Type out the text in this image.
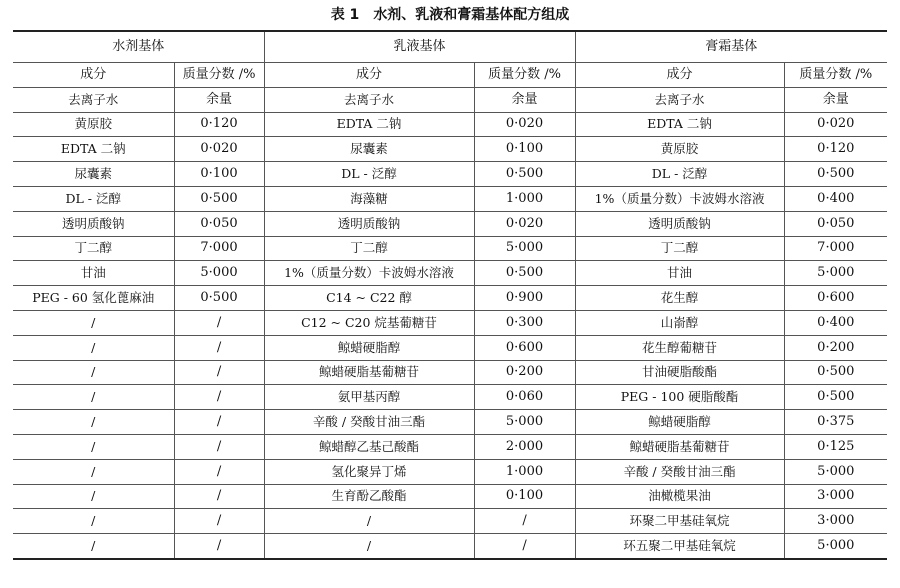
表 1 水剂、乳液和膏霜基体配方组成
水剂基体		乳液基体		膏霜基体	
成分	质量分数 /%	成分	质量分数 /%	成分	质量分数 /%
去离子水	余量	去离子水	余量	去离子水	余量
黄原胶	0·120	EDTA 二钠	0·020	EDTA 二钠	0·020
EDTA 二钠	0·020	尿囊素	0·100	黄原胶	0·120
尿囊素	0·100	DL - 泛醇	0·500	DL - 泛醇	0·500
DL - 泛醇	0·500	海藻糖	1·000	1%（质量分数）卡波姆水溶液	0·400
透明质酸钠	0·050	透明质酸钠	0·020	透明质酸钠	0·050
丁二醇	7·000	丁二醇	5·000	丁二醇	7·000
甘油	5·000	1%（质量分数）卡波姆水溶液	0·500	甘油	5·000
PEG - 60 氢化蓖麻油	0·500	C14 ~ C22 醇	0·900	花生醇	0·600
/	/	C12 ~ C20 烷基葡糖苷	0·300	山嵛醇	0·400
/	/	鲸蜡硬脂醇	0·600	花生醇葡糖苷	0·200
/	/	鲸蜡硬脂基葡糖苷	0·200	甘油硬脂酸酯	0·500
/	/	氨甲基丙醇	0·060	PEG - 100 硬脂酸酯	0·500
/	/	辛酸 / 癸酸甘油三酯	5·000	鲸蜡硬脂醇	0·375
/	/	鲸蜡醇乙基己酸酯	2·000	鲸蜡硬脂基葡糖苷	0·125
/	/	氢化聚异丁烯	1·000	辛酸 / 癸酸甘油三酯	5·000
/	/	生育酚乙酸酯	0·100	油橄榄果油	3·000
/	/	/	/	环聚二甲基硅氧烷	3·000
/	/	/	/	环五聚二甲基硅氧烷	5·000
